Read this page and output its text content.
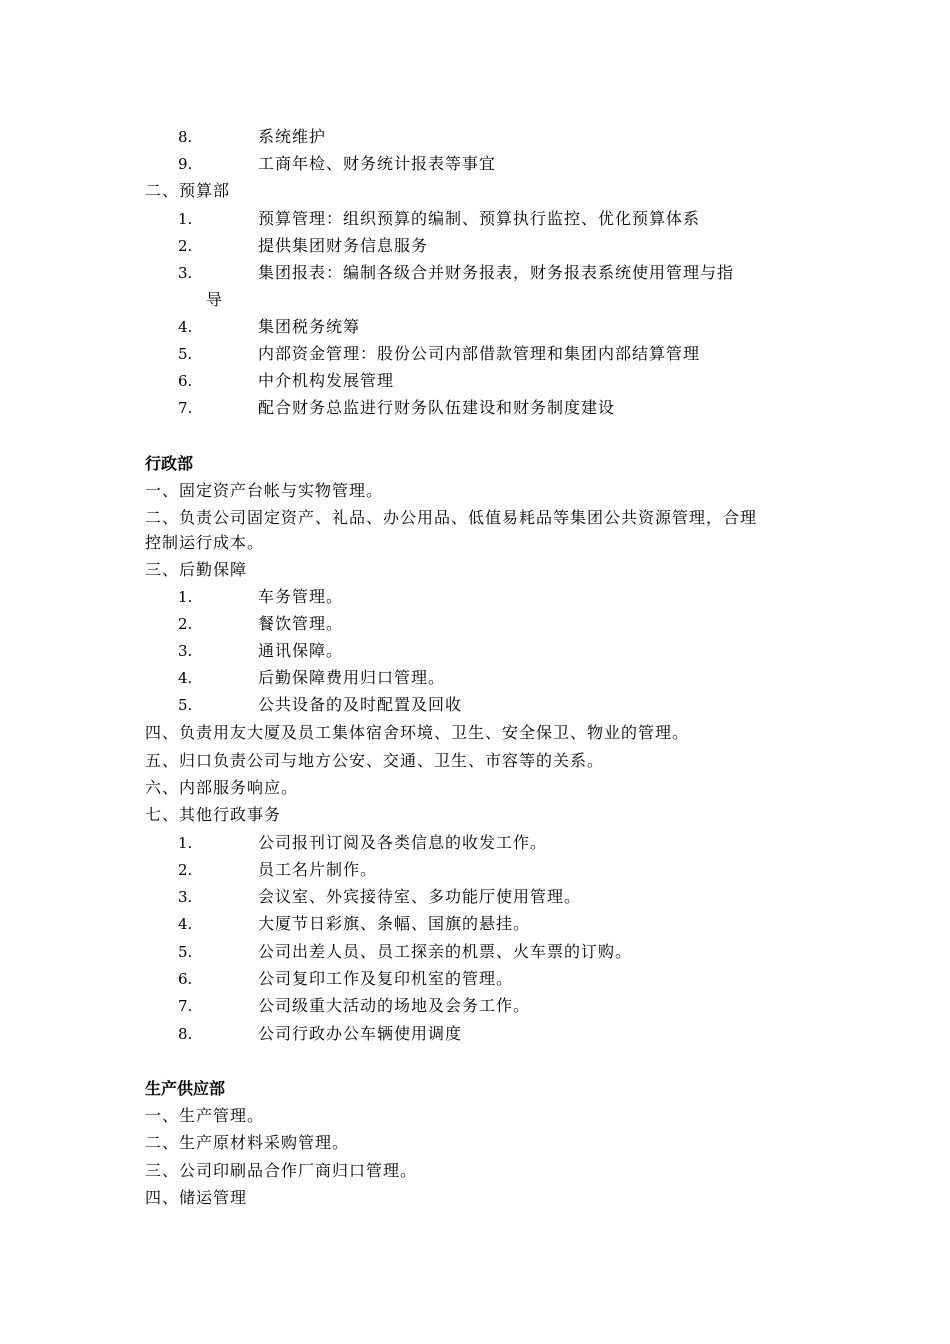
8.	系统维护
9.	工商年检、财务统计报表等事宜
二、预算部
1.	预算管理：组织预算的编制、预算执行监控、优化预算体系
2.	提供集团财务信息服务
3.	集团报表：编制各级合并财务报表，财务报表系统使用管理与指
导
4.	集团税务统筹
5.	内部资金管理：股份公司内部借款管理和集团内部结算管理
6.	中介机构发展管理
7.	配合财务总监进行财务队伍建设和财务制度建设
行政部
一、固定资产台帐与实物管理。
二、负责公司固定资产、礼品、办公用品、低值易耗品等集团公共资源管理，合理
控制运行成本。
三、后勤保障
1.	车务管理。
2.	餐饮管理。
3.	通讯保障。
4.	后勤保障费用归口管理。
5.	公共设备的及时配置及回收
四、负责用友大厦及员工集体宿舍环境、卫生、安全保卫、物业的管理。
五、归口负责公司与地方公安、交通、卫生、市容等的关系。
六、内部服务响应。
七、其他行政事务
1.	公司报刊订阅及各类信息的收发工作。
2.	员工名片制作。
3.	会议室、外宾接待室、多功能厅使用管理。
4.	大厦节日彩旗、条幅、国旗的悬挂。
5.	公司出差人员、员工探亲的机票、火车票的订购。
6.	公司复印工作及复印机室的管理。
7.	公司级重大活动的场地及会务工作。
8.	公司行政办公车辆使用调度
生产供应部
一、生产管理。
二、生产原材料采购管理。
三、公司印刷品合作厂商归口管理。
四、储运管理
